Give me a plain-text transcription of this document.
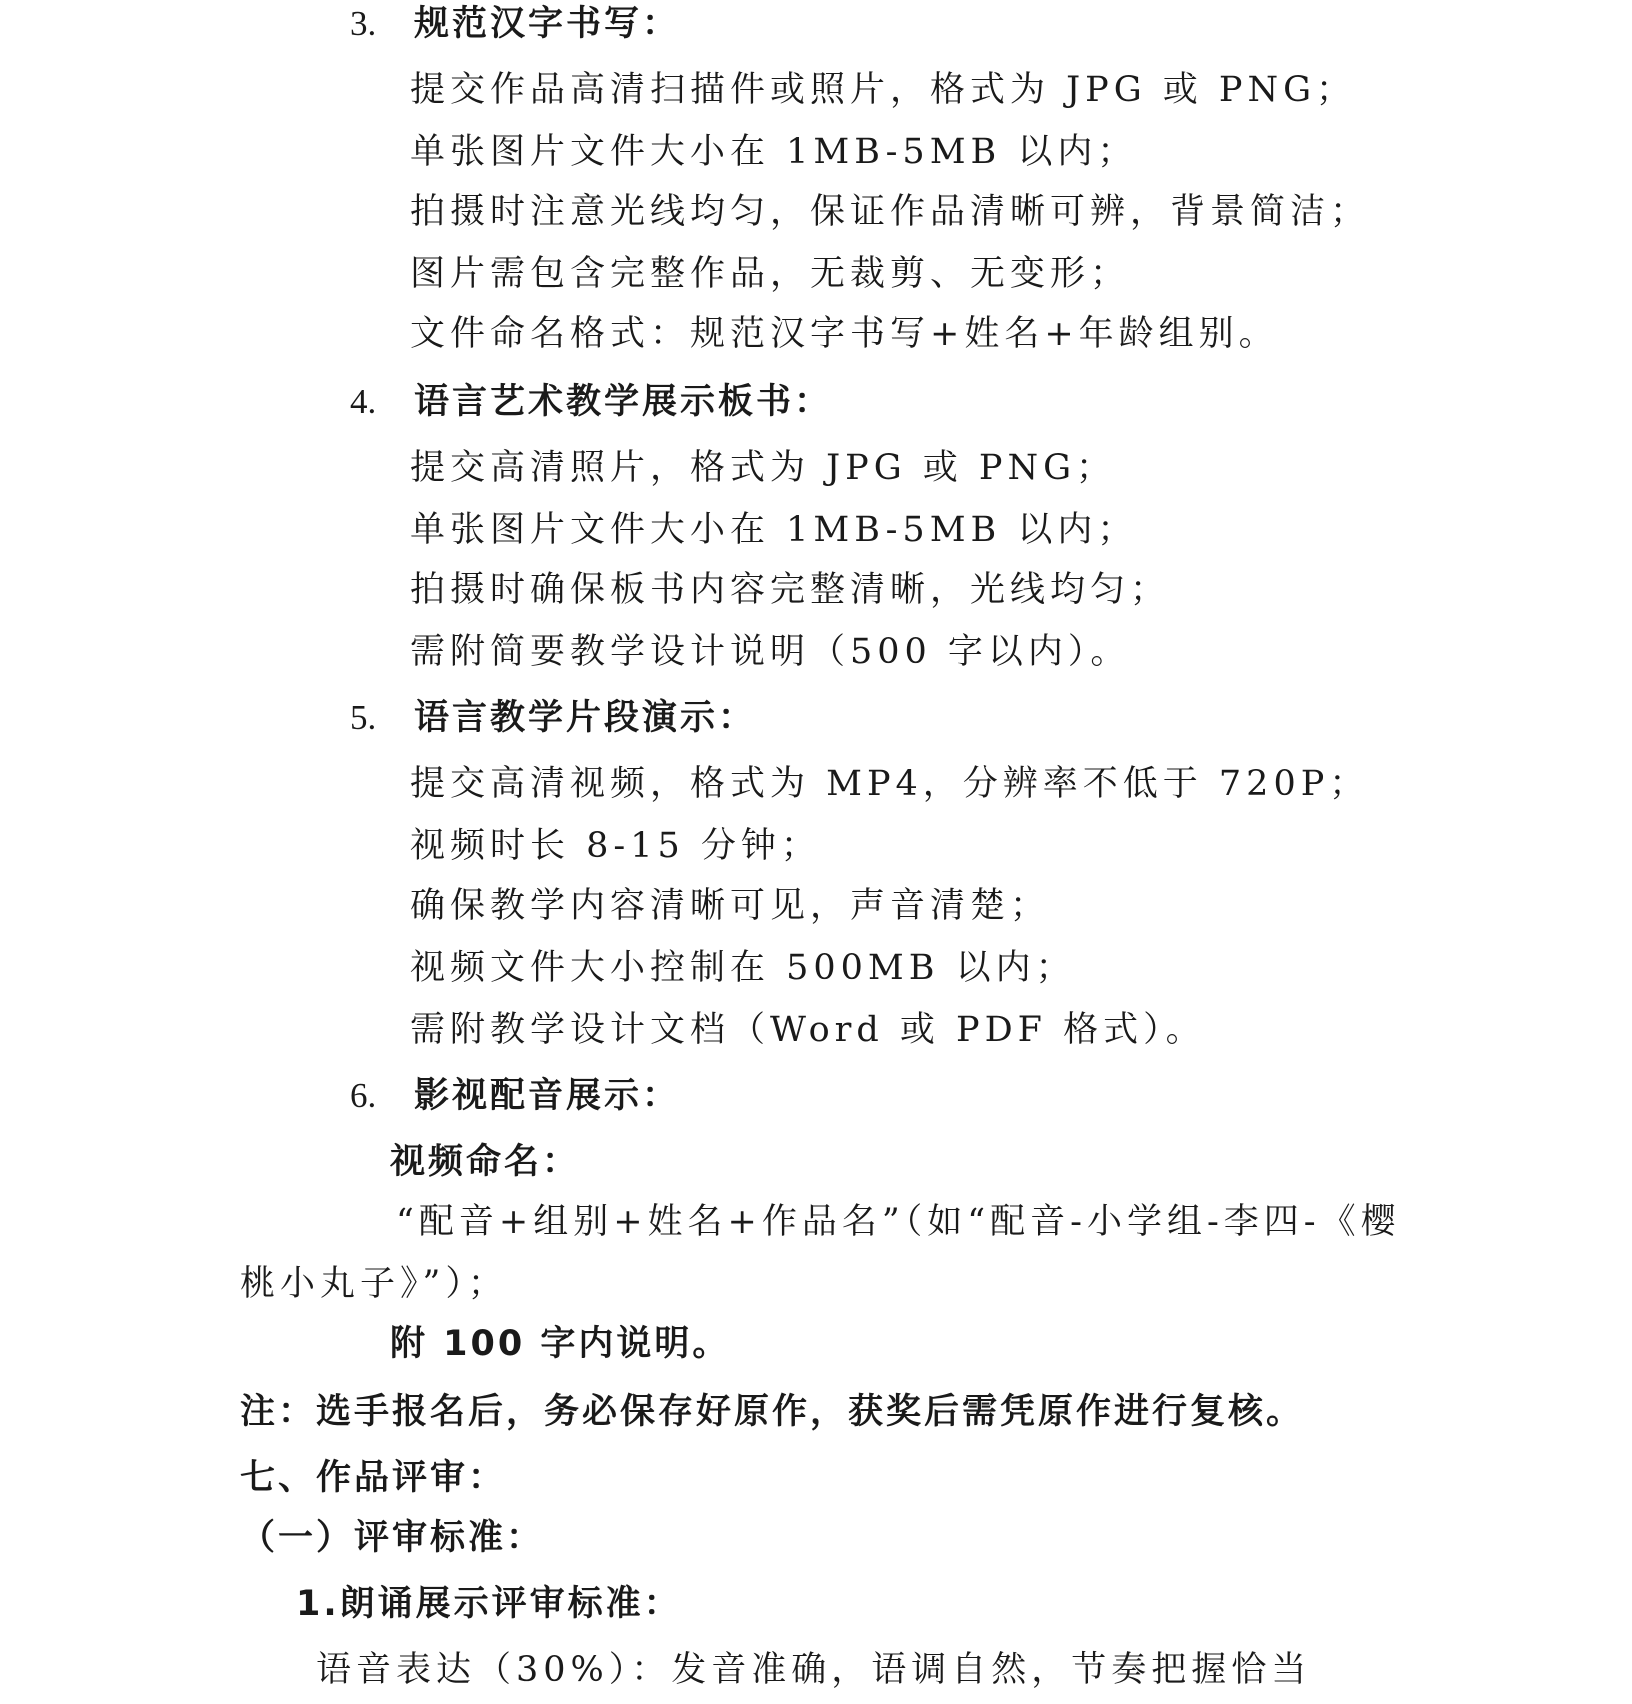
3. 规范汉字书写：
提交作品高清扫描件或照片，格式为 JPG 或 PNG；
单张图片文件大小在 1MB-5MB 以内；
拍摄时注意光线均匀，保证作品清晰可辨，背景简洁；
图片需包含完整作品，无裁剪、无变形；
文件命名格式：规范汉字书写+姓名+年龄组别。
4. 语言艺术教学展示板书：
提交高清照片，格式为 JPG 或 PNG；
单张图片文件大小在 1MB-5MB 以内；
拍摄时确保板书内容完整清晰，光线均匀；
需附简要教学设计说明（500 字以内）。
5. 语言教学片段演示：
提交高清视频，格式为 MP4，分辨率不低于 720P；
视频时长 8-15 分钟；
确保教学内容清晰可见，声音清楚；
视频文件大小控制在 500MB 以内；
需附教学设计文档（Word 或 PDF 格式）。
6. 影视配音展示：
视频命名：
“配音+组别+姓名+作品名”（如“配音-小学组-李四-《樱
桃小丸子》”）；
附 100 字内说明。
注：选手报名后，务必保存好原作，获奖后需凭原作进行复核。
七、作品评审：
（一）评审标准：
1.朗诵展示评审标准：
语音表达（30%）：发音准确，语调自然，节奏把握恰当
